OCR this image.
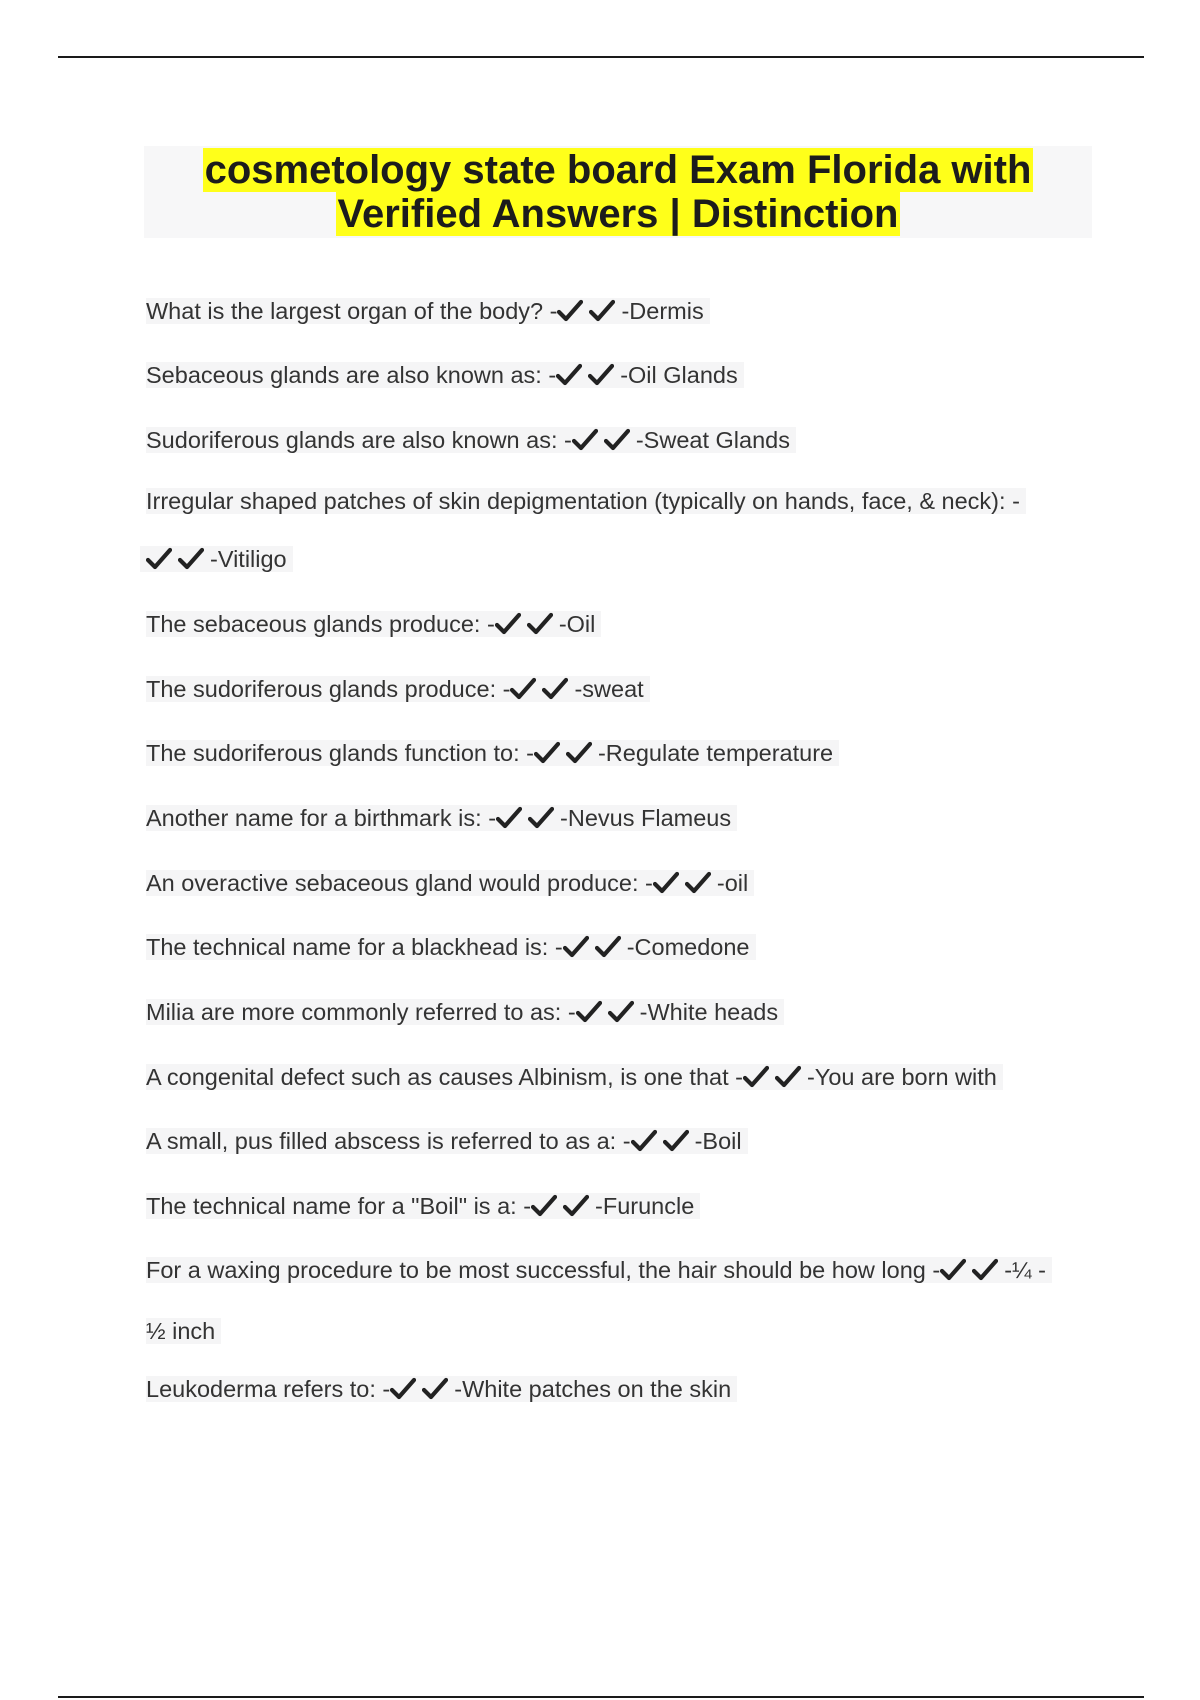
cosmetology state board Exam Florida with
Verified Answers | Distinction
What is the largest organ of the body? -	-Dermis
Sebaceous glands are also known as: -	-Oil Glands
Sudoriferous glands are also known as: -	-Sweat Glands
Irregular shaped patches of skin depigmentation (typically on hands, face, & neck): -
-Vitiligo
The sebaceous glands produce: -	-Oil
The sudoriferous glands produce: -	-sweat
The sudoriferous glands function to: -	-Regulate temperature
Another name for a birthmark is: -	-Nevus Flameus
An overactive sebaceous gland would produce: -	-oil
The technical name for a blackhead is: -	-Comedone
Milia are more commonly referred to as: -	-White heads
A congenital defect such as causes Albinism, is one that -	-You are born with
A small, pus filled abscess is referred to as a: -	-Boil
The technical name for a "Boil" is a: -	-Furuncle
For a waxing procedure to be most successful, the hair should be how long -	-¼ -
½ inch
Leukoderma refers to: -	-White patches on the skin
